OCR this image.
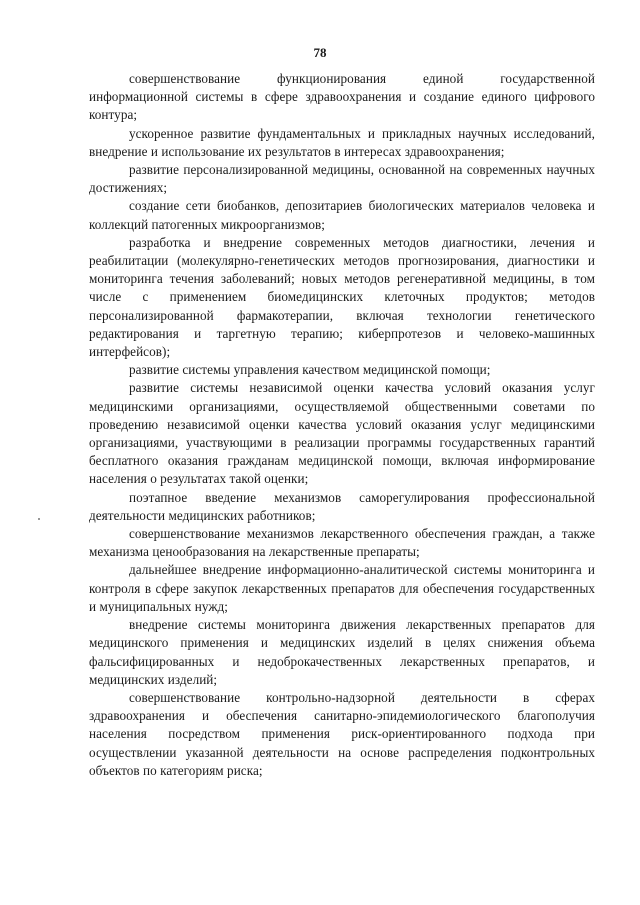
78

совершенствование функционирования единой государственной информационной системы в сфере здравоохранения и создание единого цифрового контура;

ускоренное развитие фундаментальных и прикладных научных исследований, внедрение и использование их результатов в интересах здравоохранения;

развитие персонализированной медицины, основанной на современных научных достижениях;

создание сети биобанков, депозитариев биологических материалов человека и коллекций патогенных микроорганизмов;

разработка и внедрение современных методов диагностики, лечения и реабилитации (молекулярно-генетических методов прогнозирования, диагностики и мониторинга течения заболеваний; новых методов регенеративной медицины, в том числе с применением биомедицинских клеточных продуктов; методов персонализированной фармакотерапии, включая технологии генетического редактирования и таргетную терапию; киберпротезов и человеко-машинных интерфейсов);

развитие системы управления качеством медицинской помощи;

развитие системы независимой оценки качества условий оказания услуг медицинскими организациями, осуществляемой общественными советами по проведению независимой оценки качества условий оказания услуг медицинскими организациями, участвующими в реализации программы государственных гарантий бесплатного оказания гражданам медицинской помощи, включая информирование населения о результатах такой оценки;

поэтапное введение механизмов саморегулирования профессиональной деятельности медицинских работников;

совершенствование механизмов лекарственного обеспечения граждан, а также механизма ценообразования на лекарственные препараты;

дальнейшее внедрение информационно-аналитической системы мониторинга и контроля в сфере закупок лекарственных препаратов для обеспечения государственных и муниципальных нужд;

внедрение системы мониторинга движения лекарственных препаратов для медицинского применения и медицинских изделий в целях снижения объема фальсифицированных и недоброкачественных лекарственных препаратов, и медицинских изделий;

совершенствование контрольно-надзорной деятельности в сферах здравоохранения и обеспечения санитарно-эпидемиологического благополучия населения посредством применения риск-ориентированного подхода при осуществлении указанной деятельности на основе распределения подконтрольных объектов по категориям риска;
